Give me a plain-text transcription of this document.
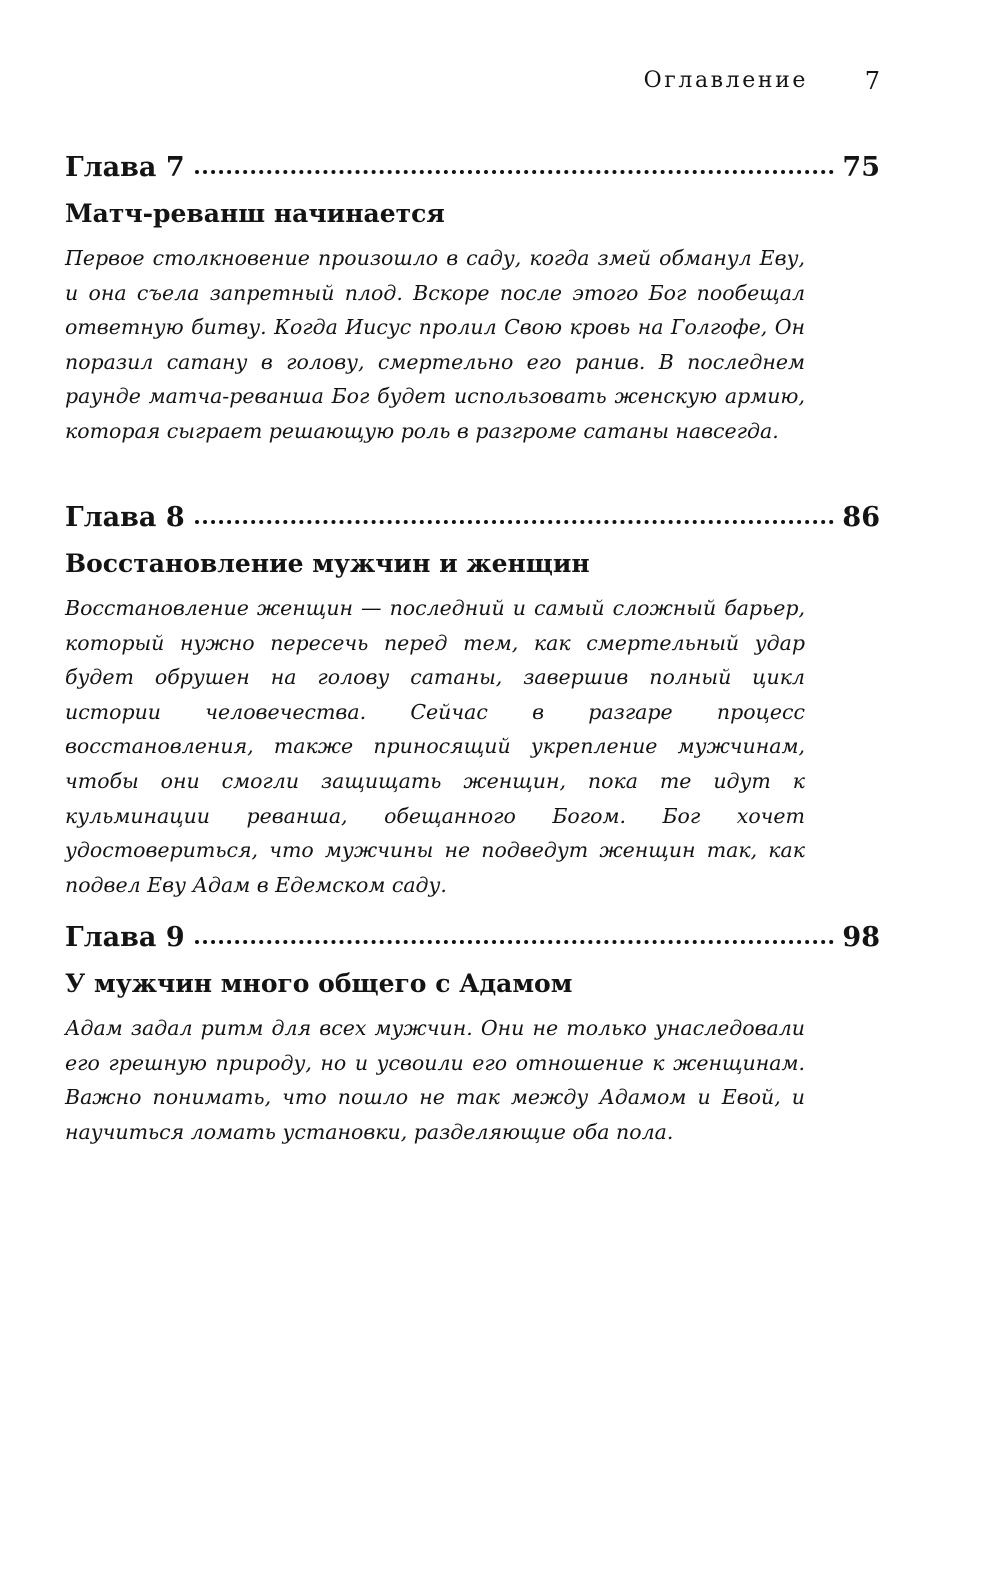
Оглавление 7
Глава 7	75
Матч-реванш начинается

Первое столкновение произошло в саду, когда змей обманул Еву, и она съела запретный плод. Вскоре после этого Бог пообещал ответную битву. Когда Иисус пролил Свою кровь на Голгофе, Он поразил сатану в голову, смертельно его ранив. В последнем раунде матча-реванша Бог будет использовать женскую армию, которая сыграет решающую роль в разгроме сатаны навсегда.

Глава 8	86
Восстановление мужчин и женщин

Восстановление женщин — последний и самый сложный барьер, который нужно пересечь перед тем, как смертельный удар будет обрушен на голову сатаны, завершив полный цикл истории человечества. Сейчас в разгаре процесс восстановления, также приносящий укрепление мужчинам, чтобы они смогли защищать женщин, пока те идут к кульминации реванша, обещанного Богом. Бог хочет удостовериться, что мужчины не подведут женщин так, как подвел Еву Адам в Едемском саду.

Глава 9	98
У мужчин много общего с Адамом

Адам задал ритм для всех мужчин. Они не только унаследовали его грешную природу, но и усвоили его отношение к женщинам. Важно понимать, что пошло не так между Адамом и Евой, и научиться ломать установки, разделяющие оба пола.
